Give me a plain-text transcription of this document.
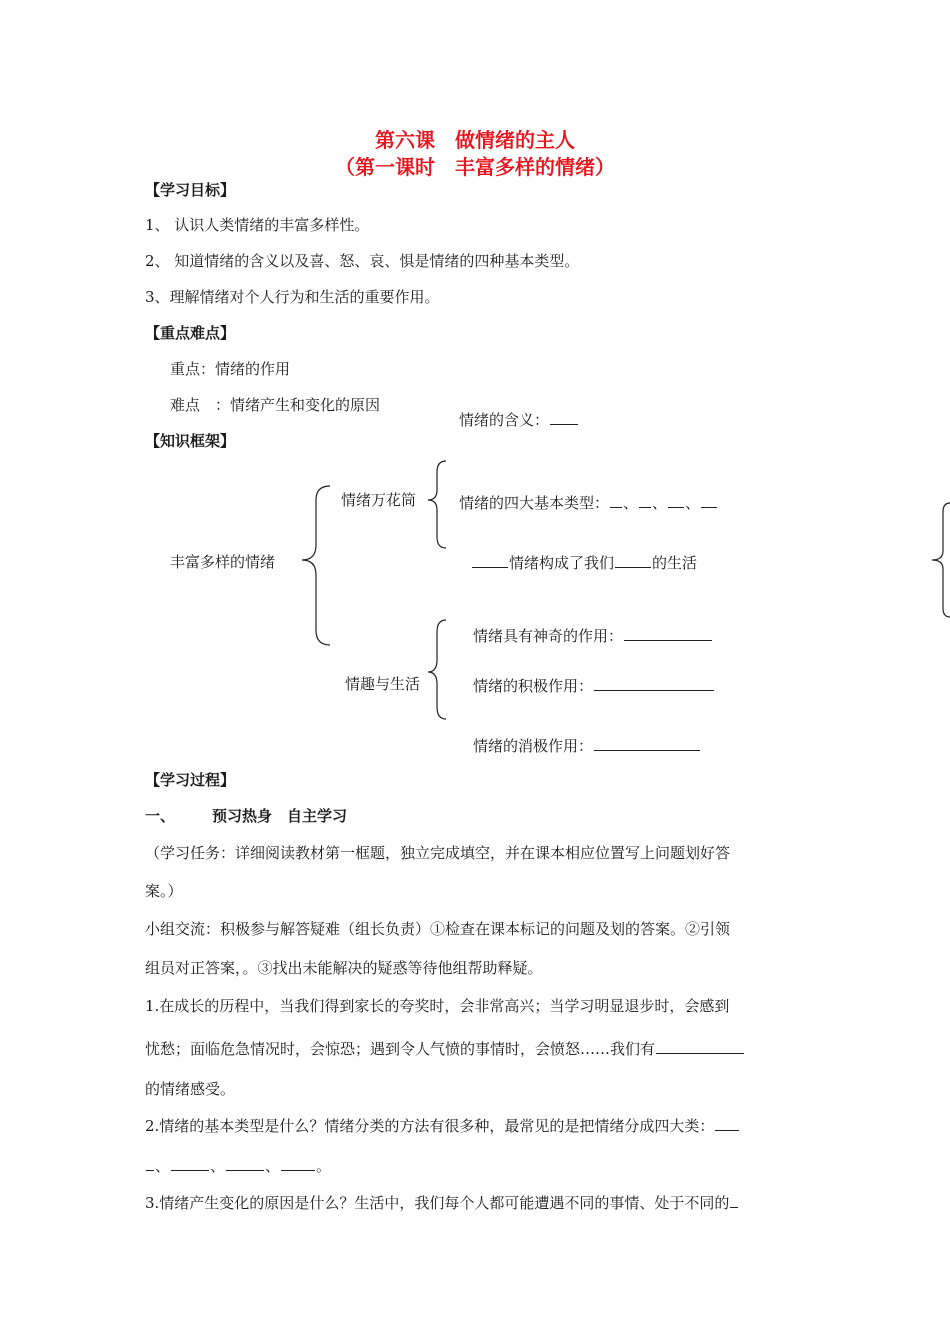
第六课　做情绪的主人
（第一课时　丰富多样的情绪）
【学习目标】
1、 认识人类情绪的丰富多样性。
2、 知道情绪的含义以及喜、怒、哀、惧是情绪的四种基本类型。
3、理解情绪对个人行为和生活的重要作用。
【重点难点】
重点：情绪的作用
难点　：情绪产生和变化的原因
【知识框架】
丰富多样的情绪
情绪万花筒
情趣与生活
情绪的含义：
情绪的四大基本类型： 、 、 、
情绪构成了我们	的生活
情绪具有神奇的作用：
情绪的积极作用：
情绪的消极作用：
【学习过程】
一、 预习热身　自主学习
（学习任务：详细阅读教材第一框题，独立完成填空，并在课本相应位置写上问题划好答
案。）
小组交流：积极参与解答疑难（组长负责）①检查在课本标记的问题及划的答案。②引领
组员对正答案，。③找出未能解决的疑惑等待他组帮助释疑。
1.在成长的历程中，当我们得到家长的夸奖时，会非常高兴；当学习明显退步时，会感到
忧愁；面临危急情况时，会惊恐；遇到令人气愤的事情时，会愤怒……我们有
的情绪感受。
2.情绪的基本类型是什么？情绪分类的方法有很多种，最常见的是把情绪分成四大类：
、	、	、 。
3.情绪产生变化的原因是什么？生活中，我们每个人都可能遭遇不同的事情、处于不同的
